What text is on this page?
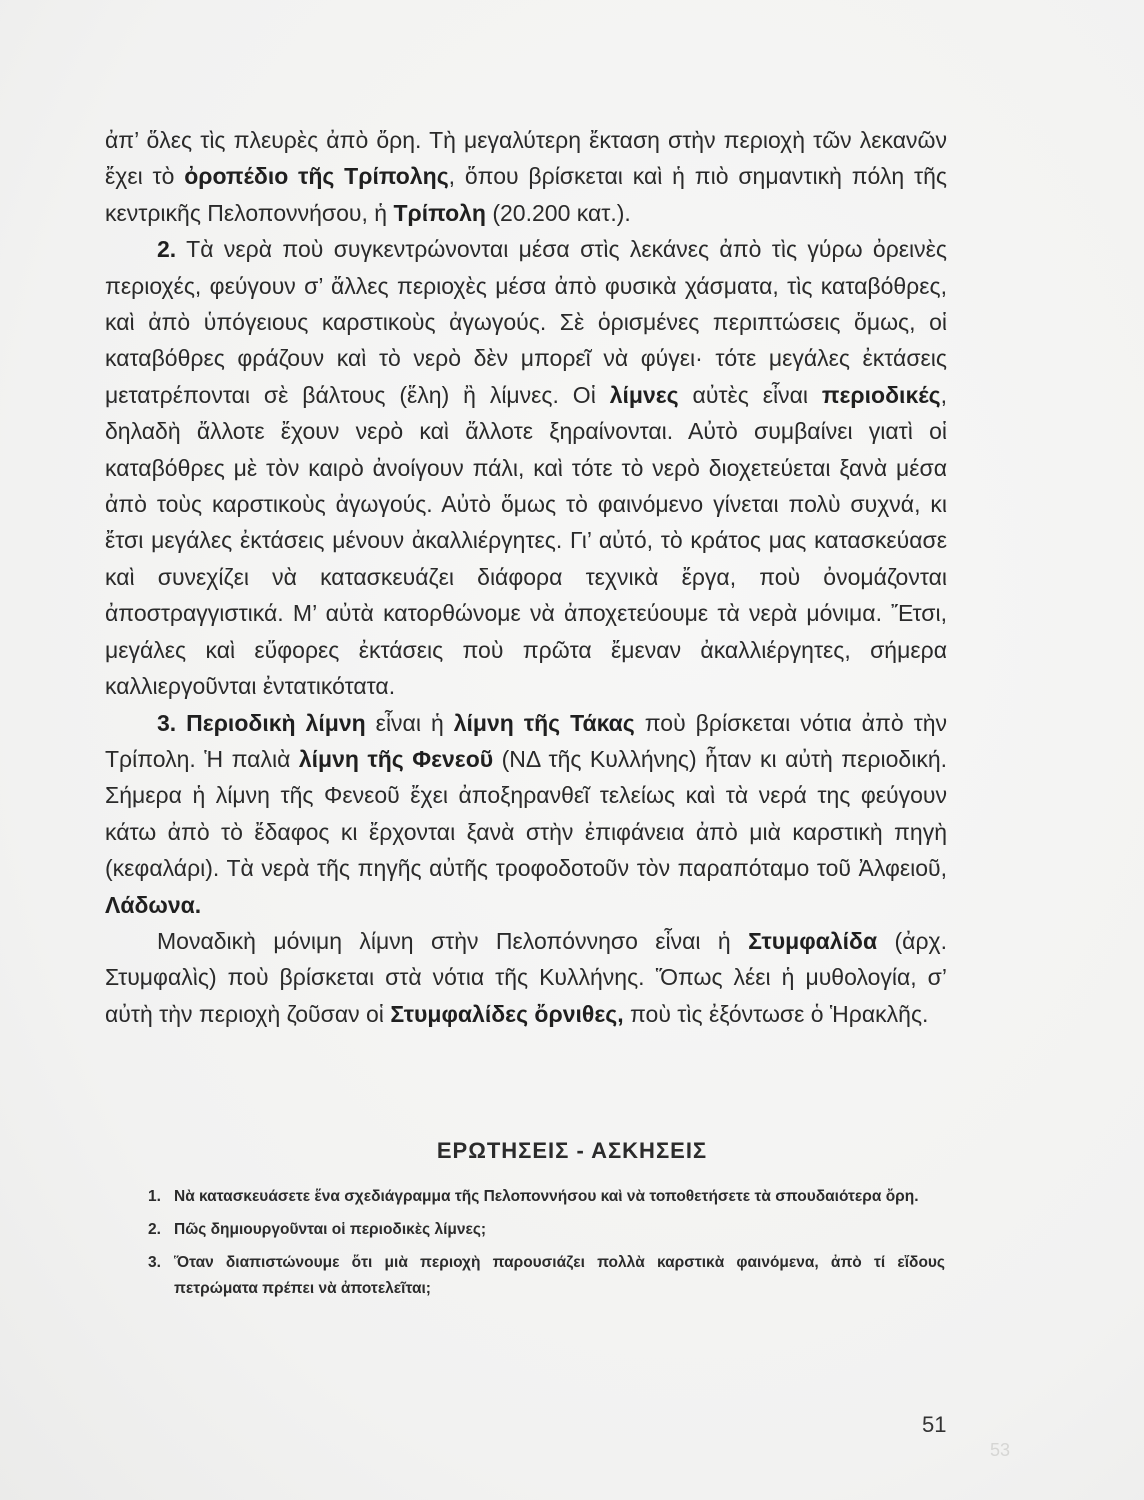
53

ἀπ’ ὅλες τὶς πλευρὲς ἀπὸ ὄρη. Τὴ μεγαλύτερη ἔκταση στὴν περιοχὴ τῶν λεκανῶν ἔχει τὸ ὀροπέδιο τῆς Τρίπολης, ὅπου βρίσκεται καὶ ἡ πιὸ σημαντικὴ πόλη τῆς κεντρικῆς Πελοποννήσου, ἡ Τρίπολη (20.200 κατ.).

2. Τὰ νερὰ ποὺ συγκεντρώνονται μέσα στὶς λεκάνες ἀπὸ τὶς γύρω ὀρεινὲς περιοχές, φεύγουν σ’ ἄλλες περιοχὲς μέσα ἀπὸ φυσικὰ χάσματα, τὶς καταβόθρες, καὶ ἀπὸ ὑπόγειους καρστικοὺς ἀγωγούς. Σὲ ὁρισμένες περιπτώσεις ὅμως, οἱ καταβόθρες φράζουν καὶ τὸ νερὸ δὲν μπορεῖ νὰ φύγει· τότε μεγάλες ἐκτάσεις μετατρέπονται σὲ βάλτους (ἕλη) ἢ λίμνες. Οἱ λίμνες αὐτὲς εἶναι περιοδικές, δηλαδὴ ἄλλοτε ἔχουν νερὸ καὶ ἄλλοτε ξηραίνονται. Αὐτὸ συμβαίνει γιατὶ οἱ καταβόθρες μὲ τὸν καιρὸ ἀνοίγουν πάλι, καὶ τότε τὸ νερὸ διοχετεύεται ξανὰ μέσα ἀπὸ τοὺς καρστικοὺς ἀγωγούς. Αὐτὸ ὅμως τὸ φαινόμενο γίνεται πολὺ συχνά, κι ἔτσι μεγάλες ἐκτάσεις μένουν ἀκαλλιέργητες. Γι’ αὐτό, τὸ κράτος μας κατασκεύασε καὶ συνεχίζει νὰ κατασκευάζει διάφορα τεχνικὰ ἔργα, ποὺ ὀνομάζονται ἀποστραγγιστικά. Μ’ αὐτὰ κατορθώνομε νὰ ἀποχετεύουμε τὰ νερὰ μόνιμα. Ἔτσι, μεγάλες καὶ εὔφορες ἐκτάσεις ποὺ πρῶτα ἔμεναν ἀκαλλιέργητες, σήμερα καλλιεργοῦνται ἐντατικότατα.

3. Περιοδικὴ λίμνη εἶναι ἡ λίμνη τῆς Τάκας ποὺ βρίσκεται νότια ἀπὸ τὴν Τρίπολη. Ἡ παλιὰ λίμνη τῆς Φενεοῦ (ΝΔ τῆς Κυλλήνης) ἦταν κι αὐτὴ περιοδική. Σήμερα ἡ λίμνη τῆς Φενεοῦ ἔχει ἀποξηρανθεῖ τελείως καὶ τὰ νερά της φεύγουν κάτω ἀπὸ τὸ ἔδαφος κι ἔρχονται ξανὰ στὴν ἐπιφάνεια ἀπὸ μιὰ καρστικὴ πηγὴ (κεφαλάρι). Τὰ νερὰ τῆς πηγῆς αὐτῆς τροφοδοτοῦν τὸν παραπόταμο τοῦ Ἀλφειοῦ, Λάδωνα.

Μοναδικὴ μόνιμη λίμνη στὴν Πελοπόννησο εἶναι ἡ Στυμφαλίδα (ἀρχ. Στυμφαλὶς) ποὺ βρίσκεται στὰ νότια τῆς Κυλλήνης. Ὅπως λέει ἡ μυθολογία, σ’ αὐτὴ τὴν περιοχὴ ζοῦσαν οἱ Στυμφαλίδες ὄρνιθες, ποὺ τὶς ἐξόντωσε ὁ Ἡρακλῆς.

ΕΡΩΤΗΣΕΙΣ - ΑΣΚΗΣΕΙΣ
1. Νὰ κατασκευάσετε ἕνα σχεδιάγραμμα τῆς Πελοποννήσου καὶ νὰ τοποθετήσετε τὰ σπουδαιότερα ὄρη.
2. Πῶς δημιουργοῦνται οἱ περιοδικὲς λίμνες;
3. Ὅταν διαπιστώνουμε ὅτι μιὰ περιοχὴ παρουσιάζει πολλὰ καρστικὰ φαινόμενα, ἀπὸ τί εἴδους πετρώματα πρέπει νὰ ἀποτελεῖται;
51
